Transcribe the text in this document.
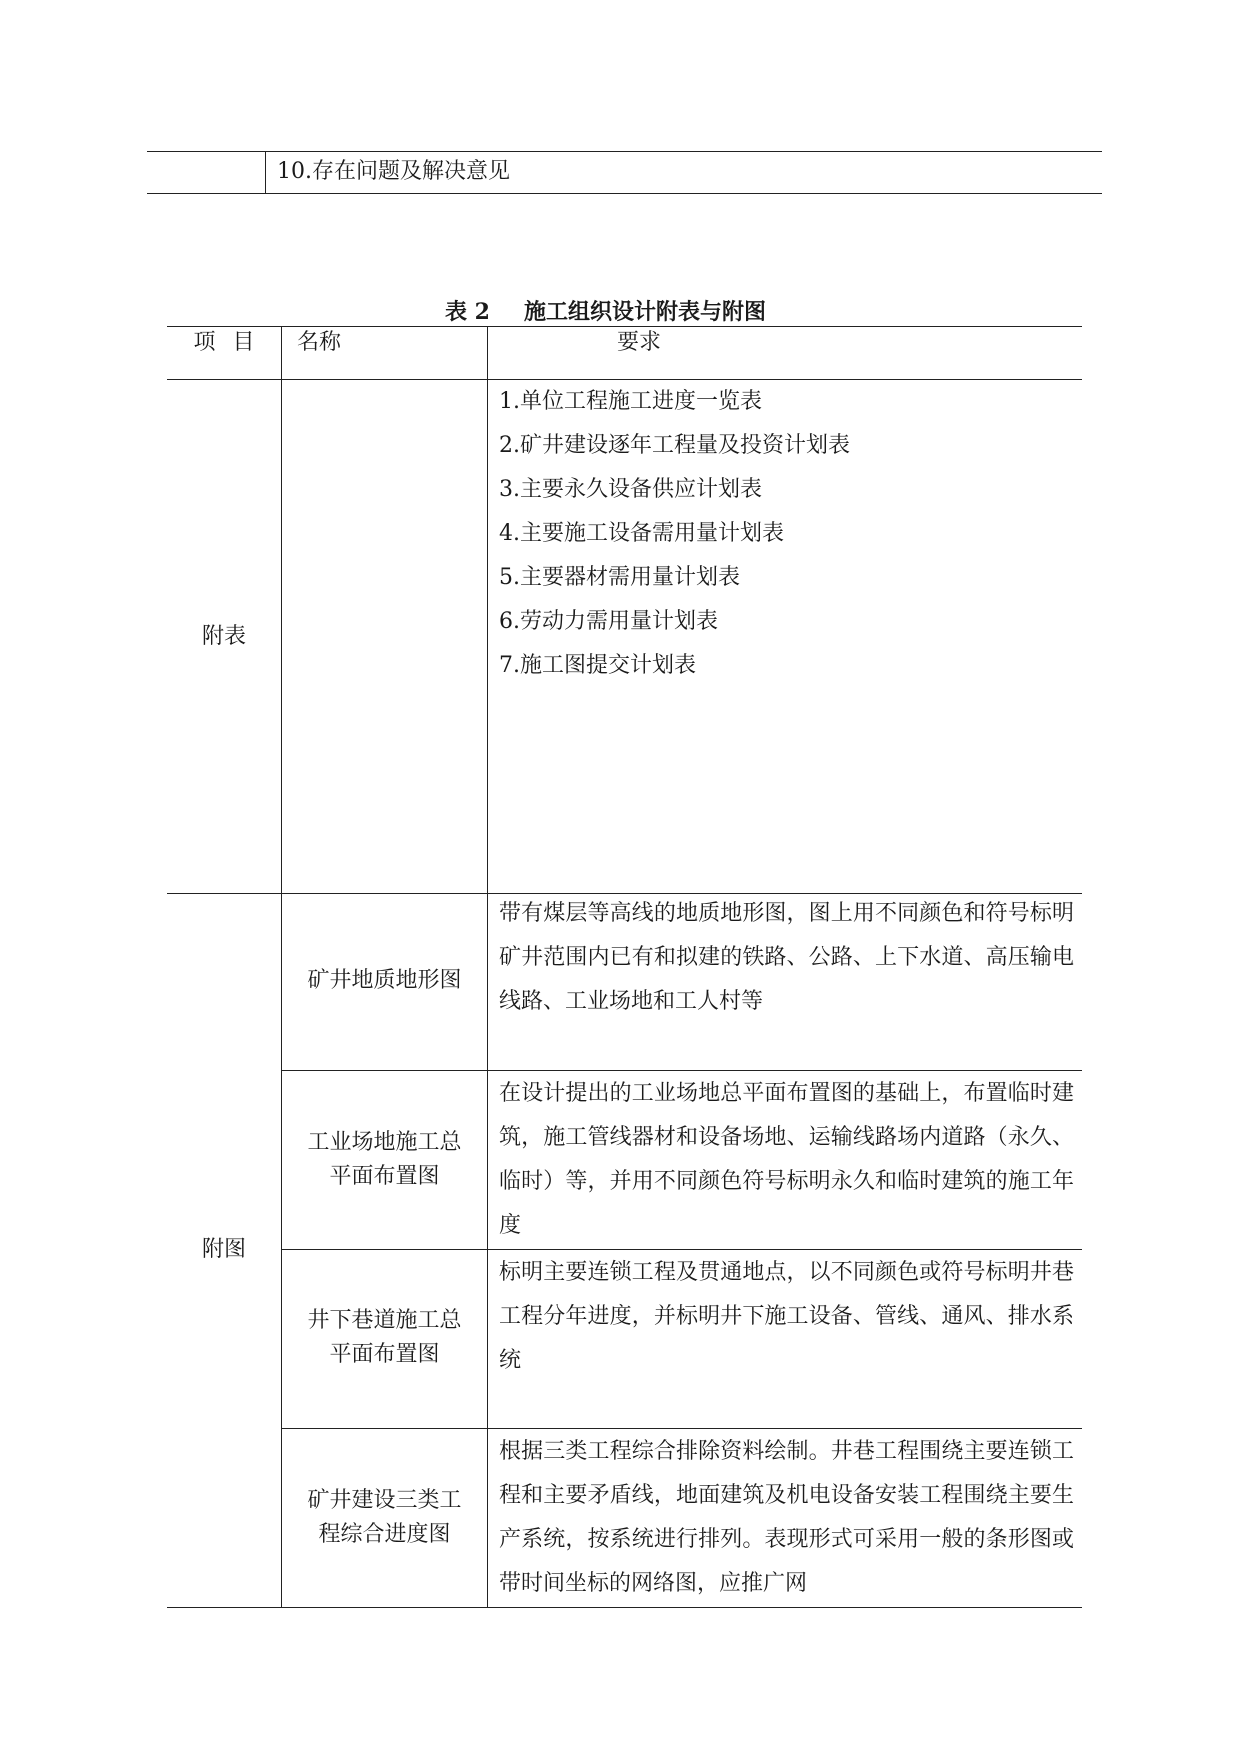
10.存在问题及解决意见
表 2 施工组织设计附表与附图
项 目	名称	要求
附表
1.单位工程施工进度一览表
2.矿井建设逐年工程量及投资计划表
3.主要永久设备供应计划表
4.主要施工设备需用量计划表
5.主要器材需用量计划表
6.劳动力需用量计划表
7.施工图提交计划表
附图
矿井地质地形图
带有煤层等高线的地质地形图，图上用不同颜色和符号标明矿井范围内已有和拟建的铁路、公路、上下水道、高压输电线路、工业场地和工人村等
工业场地施工总
平面布置图
在设计提出的工业场地总平面布置图的基础上，布置临时建筑，施工管线器材和设备场地、运输线路场内道路（永久、临时）等，并用不同颜色符号标明永久和临时建筑的施工年度
井下巷道施工总
平面布置图
标明主要连锁工程及贯通地点，以不同颜色或符号标明井巷工程分年进度，并标明井下施工设备、管线、通风、排水系统
矿井建设三类工
程综合进度图
根据三类工程综合排除资料绘制。井巷工程围绕主要连锁工程和主要矛盾线，地面建筑及机电设备安装工程围绕主要生产系统，按系统进行排列。表现形式可采用一般的条形图或带时间坐标的网络图，应推广网
